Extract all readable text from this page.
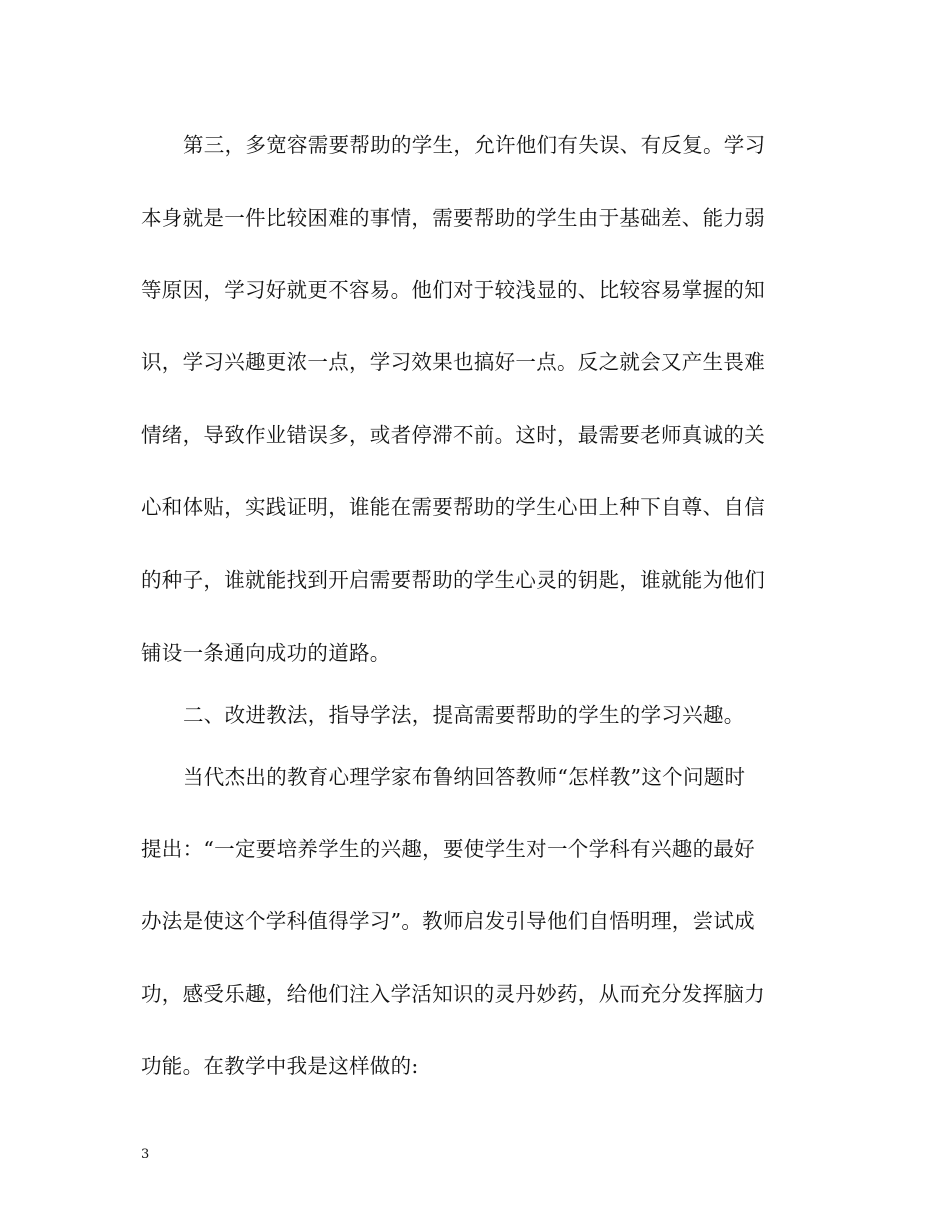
第三，多宽容需要帮助的学生，允许他们有失误、有反复。学习
本身就是一件比较困难的事情，需要帮助的学生由于基础差、能力弱
等原因，学习好就更不容易。他们对于较浅显的、比较容易掌握的知
识，学习兴趣更浓一点，学习效果也搞好一点。反之就会又产生畏难
情绪，导致作业错误多，或者停滞不前。这时，最需要老师真诚的关
心和体贴，实践证明，谁能在需要帮助的学生心田上种下自尊、自信
的种子，谁就能找到开启需要帮助的学生心灵的钥匙，谁就能为他们
铺设一条通向成功的道路。
二、改进教法，指导学法，提高需要帮助的学生的学习兴趣。
当代杰出的教育心理学家布鲁纳回答教师“怎样教”这个问题时
提出：“一定要培养学生的兴趣，要使学生对一个学科有兴趣的最好
办法是使这个学科值得学习”。教师启发引导他们自悟明理，尝试成
功，感受乐趣，给他们注入学活知识的灵丹妙药，从而充分发挥脑力
功能。在教学中我是这样做的:
3
